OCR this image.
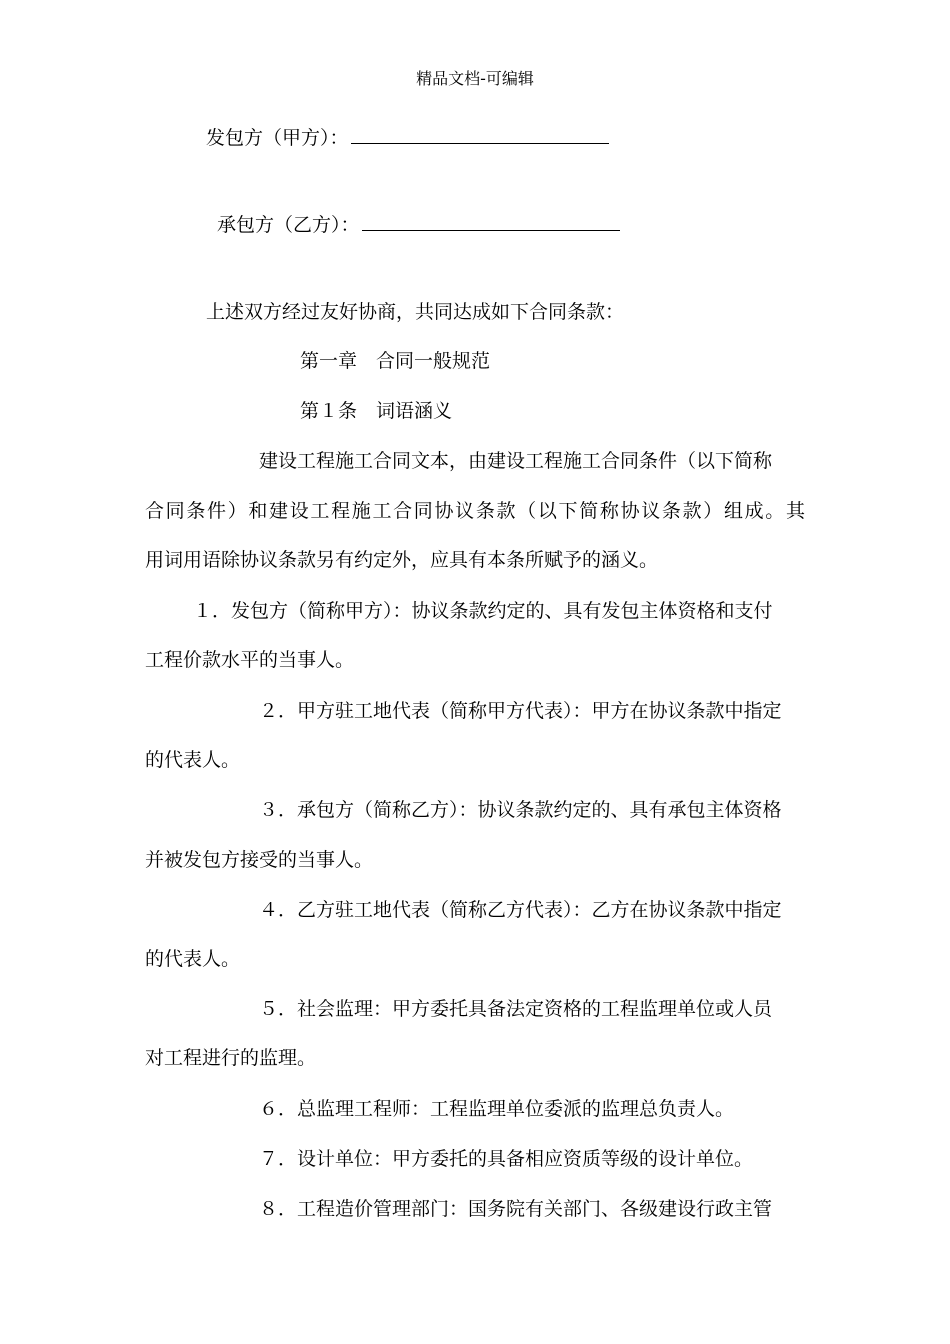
精品文档-可编辑
发包方（甲方）：
承包方（乙方）：
上述双方经过友好协商，共同达成如下合同条款：
第一章　合同一般规范
第１条　词语涵义
建设工程施工合同文本，由建设工程施工合同条件（以下简称
合同条件）和建设工程施工合同协议条款（以下简称协议条款）组成。其
用词用语除协议条款另有约定外，应具有本条所赋予的涵义。
１．发包方（简称甲方）：协议条款约定的、具有发包主体资格和支付
工程价款水平的当事人。
２．甲方驻工地代表（简称甲方代表）：甲方在协议条款中指定
的代表人。
３．承包方（简称乙方）：协议条款约定的、具有承包主体资格
并被发包方接受的当事人。
４．乙方驻工地代表（简称乙方代表）：乙方在协议条款中指定
的代表人。
５．社会监理：甲方委托具备法定资格的工程监理单位或人员
对工程进行的监理。
６．总监理工程师：工程监理单位委派的监理总负责人。
７．设计单位：甲方委托的具备相应资质等级的设计单位。
８．工程造价管理部门：国务院有关部门、各级建设行政主管
